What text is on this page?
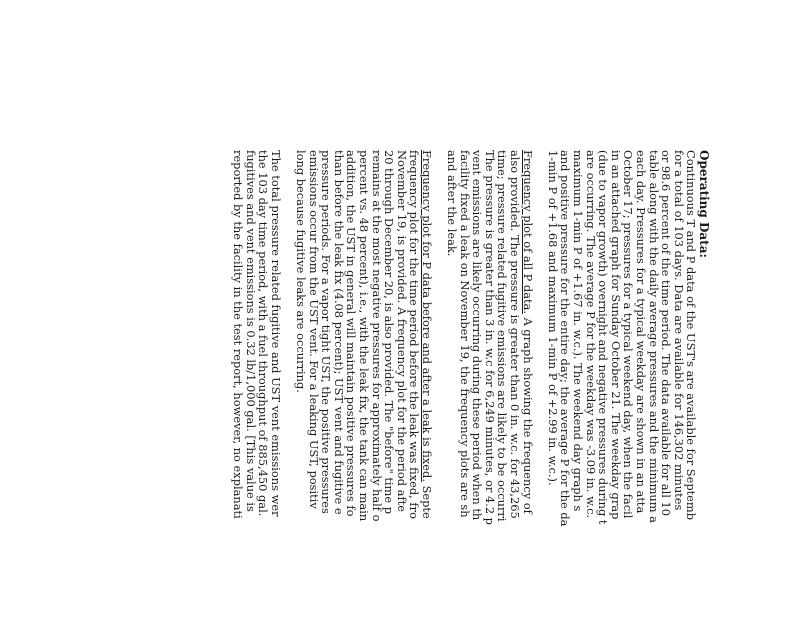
Operating Data:
Continuous T and P data of the UST's are available for Septemb
for a total of 103 days. Data are available for 146,302 minutes
or 98.6 percent of the time period. The data available for all 10
table along with the daily average pressures and the minimum a
each day. Pressures for a typical weekday are shown in an atta
October 17; pressures for a typical weekend day, when the facil
in an attached graph for Sunday October 21. The weekday grap
(due to vapor growth) overnight and negative pressures during t
are occurring. The average P for the weekday was -3.09 in. w.c.
maximum 1-min P of +1.67 in. w.c.). The weekend day graph s
and positive pressure for the entire day; the average P for the da
1-min P of +1.68 and maximum 1-min P of +2.99 in. w.c.).
Frequency plot of all P data. A graph showing the frequency of
also provided. The pressure is greater than 0 in. w.c. for 43,265
time; pressure related fugitive emissions are likely to be occurri
The pressure is greater than 3 in. w.c for 6,249 minutes, or 4.2 p
vent emissions are likely occurring during these period when th
facility fixed a leak on November 19, the frequency plots are sh
and after the leak.
Frequency plot for P data before and after a leak is fixed. Septe
frequency plot for the time period before the leak was fixed, fro
November 19, is provided. A frequency plot for the period afte
20 through December 20, is also provided. The "before" time p
remains at the most negative pressures for approximately half o
percent vs. 48 percent), i.e., with the leak fix, the tank can main
addition, the UST in general will maintain positive pressures fo
than before the leak fix (4.08 percent); UST vent and fugitive e
pressure periods. For a vapor tight UST, the positive pressures
emissions occur from the UST vent. For a leaking UST, positiv
long because fugitive leaks are occurring.
The total pressure related fugitive and UST vent emissions wer
the 103 day time period, with a fuel throughput of 885,450 gal.
fugitives and vent emissions is 0.32 lb/1,000 gal. [This value is
reported by the facility in the test report, however, no explanati
